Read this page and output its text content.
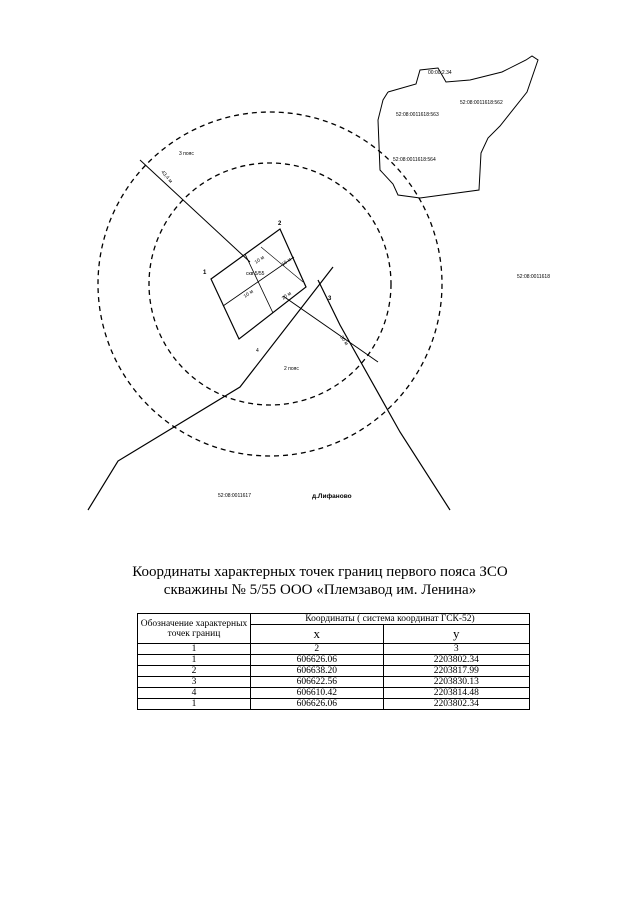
3 пояс
2 пояс
скв 5/55
1
2
3
4
10 м	15 м
10 м	10 м
30 м
43,4 м
52:08:0011618
52:08:0011617
00:00:2.34
52:08:0011618:562
52:08:0011618:563
52:08:0011618:564
д.Лифаново
Координаты характерных точек границ первого пояса ЗСО
скважины № 5/55 ООО «Племзавод им. Ленина»
Обозначение характерных точек границ	Координаты ( система координат ГСК-52)	
	х	у
1	2	3
1	606626.06	2203802.34
2	606638.20	2203817.99
3	606622.56	2203830.13
4	606610.42	2203814.48
1	606626.06	2203802.34
